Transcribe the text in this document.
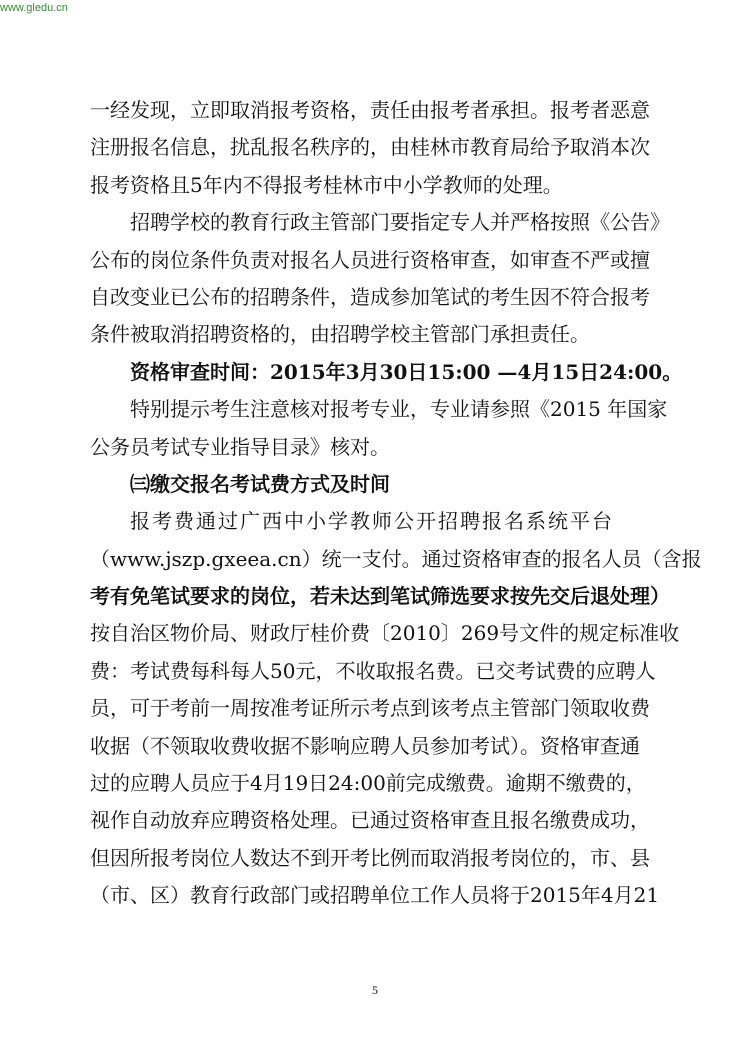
www.gledu.cn
一经发现，立即取消报考资格，责任由报考者承担。报考者恶意
注册报名信息，扰乱报名秩序的，由桂林市教育局给予取消本次
报考资格且5年内不得报考桂林市中小学教师的处理。
招聘学校的教育行政主管部门要指定专人并严格按照《公告》
公布的岗位条件负责对报名人员进行资格审查，如审查不严或擅
自改变业已公布的招聘条件，造成参加笔试的考生因不符合报考
条件被取消招聘资格的，由招聘学校主管部门承担责任。
资格审查时间：2015年3月30日15:00 —4月15日24:00。
特别提示考生注意核对报考专业，专业请参照《2015 年国家
公务员考试专业指导目录》核对。
㈢缴交报名考试费方式及时间
报考费通过广西中小学教师公开招聘报名系统平台
（www.jszp.gxeea.cn）统一支付。通过资格审查的报名人员（含报
考有免笔试要求的岗位，若未达到笔试筛选要求按先交后退处理）
按自治区物价局、财政厅桂价费〔2010〕269号文件的规定标准收
费：考试费每科每人50元，不收取报名费。已交考试费的应聘人
员，可于考前一周按准考证所示考点到该考点主管部门领取收费
收据（不领取收费收据不影响应聘人员参加考试）。资格审查通
过的应聘人员应于4月19日24:00前完成缴费。逾期不缴费的，
视作自动放弃应聘资格处理。已通过资格审查且报名缴费成功，
但因所报考岗位人数达不到开考比例而取消报考岗位的，市、县
（市、区）教育行政部门或招聘单位工作人员将于2015年4月21
5
